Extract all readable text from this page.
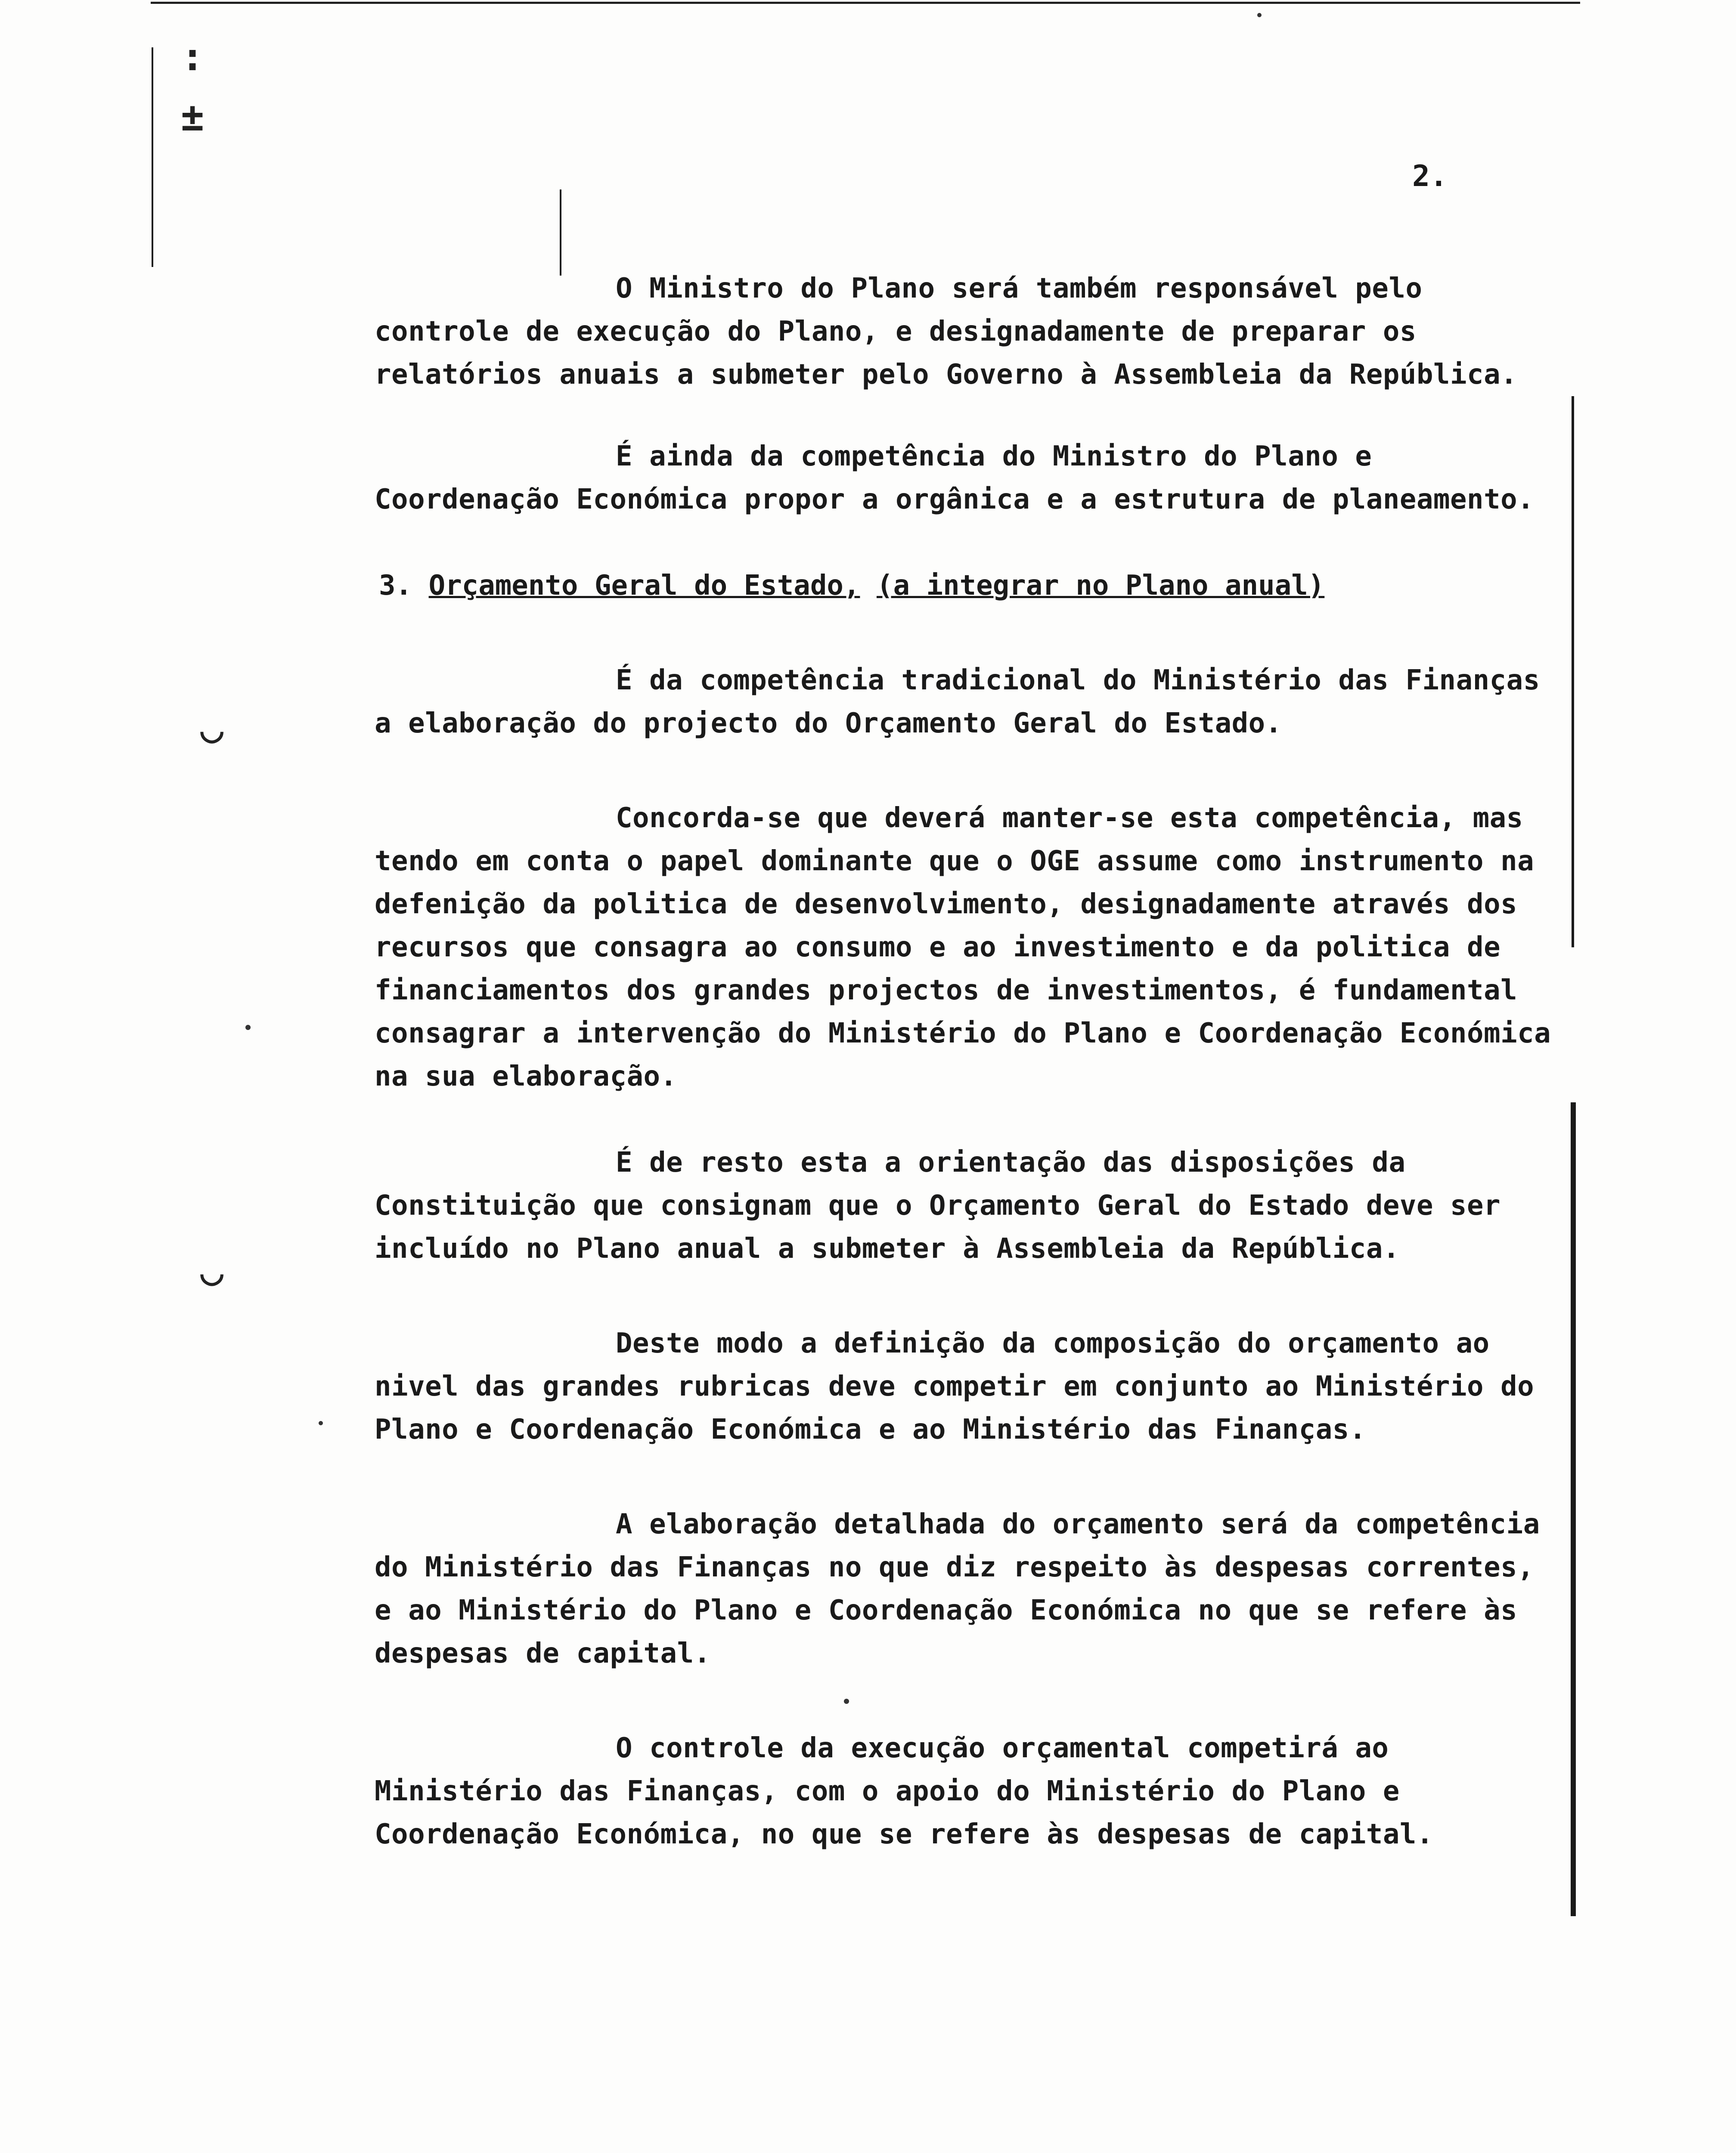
:
±
◡
◡
2.
O Ministro do Plano será também responsável pelo controle de execução do Plano, e designadamente de preparar os relatórios anuais a submeter pelo Governo à Assembleia da República.
É ainda da competência do Ministro do Plano e Coordenação Económica propor a orgânica e a estrutura de planeamento.
3. Orçamento Geral do Estado, (a integrar no Plano anual)
É da competência tradicional do Ministério das Finanças a elaboração do projecto do Orçamento Geral do Estado.
Concorda-se que deverá manter-se esta competência, mas tendo em conta o papel dominante que o OGE assume como instrumento na defenição da politica de desenvolvimento, designadamente através dos recursos que consagra ao consumo e ao investimento e da politica de financiamentos dos grandes projectos de investimentos, é fundamental consagrar a intervenção do Ministério do Plano e Coordenação Económica na sua elaboração.
É de resto esta a orientação das disposições da Constituição que consignam que o Orçamento Geral do Estado deve ser incluído no Plano anual a submeter à Assembleia da República.
Deste modo a definição da composição do orçamento ao nivel das grandes rubricas deve competir em conjunto ao Ministério do Plano e Coordenação Económica e ao Ministério das Finanças.
A elaboração detalhada do orçamento será da competência do Ministério das Finanças no que diz respeito às despesas correntes, e ao Ministério do Plano e Coordenação Económica no que se refere às despesas de capital.
O controle da execução orçamental competirá ao Ministério das Finanças, com o apoio do Ministério do Plano e Coordenação Económica, no que se refere às despesas de capital.
